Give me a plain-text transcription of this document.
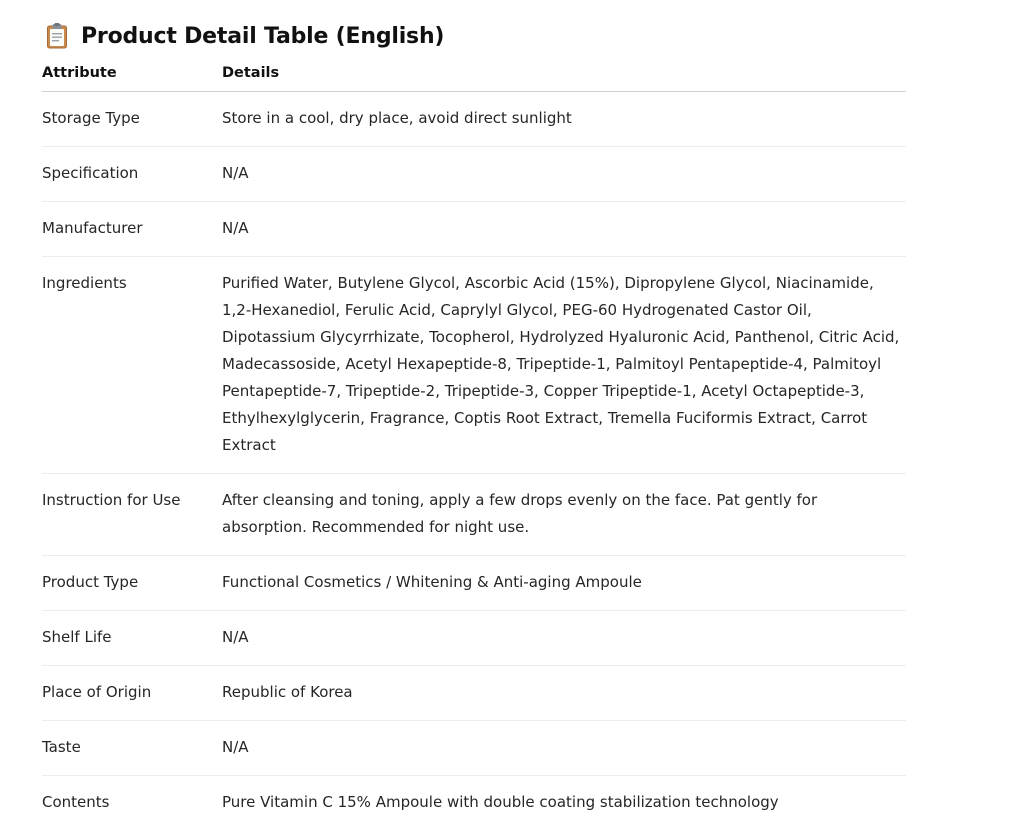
Product Detail Table (English)
Attribute	Details
Storage Type	Store in a cool, dry place, avoid direct sunlight
Specification	N/A
Manufacturer	N/A
Ingredients	Purified Water, Butylene Glycol, Ascorbic Acid (15%), Dipropylene Glycol, Niacinamide, 1,2-Hexanediol, Ferulic Acid, Caprylyl Glycol, PEG-60 Hydrogenated Castor Oil, Dipotassium Glycyrrhizate, Tocopherol, Hydrolyzed Hyaluronic Acid, Panthenol, Citric Acid, Madecassoside, Acetyl Hexapeptide-8, Tripeptide-1, Palmitoyl Pentapeptide-4, Palmitoyl Pentapeptide-7, Tripeptide-2, Tripeptide-3, Copper Tripeptide-1, Acetyl Octapeptide-3, Ethylhexylglycerin, Fragrance, Coptis Root Extract, Tremella Fuciformis Extract, Carrot Extract
Instruction for Use	After cleansing and toning, apply a few drops evenly on the face. Pat gently for absorption. Recommended for night use.
Product Type	Functional Cosmetics / Whitening & Anti-aging Ampoule
Shelf Life	N/A
Place of Origin	Republic of Korea
Taste	N/A
Contents	Pure Vitamin C 15% Ampoule with double coating stabilization technology
